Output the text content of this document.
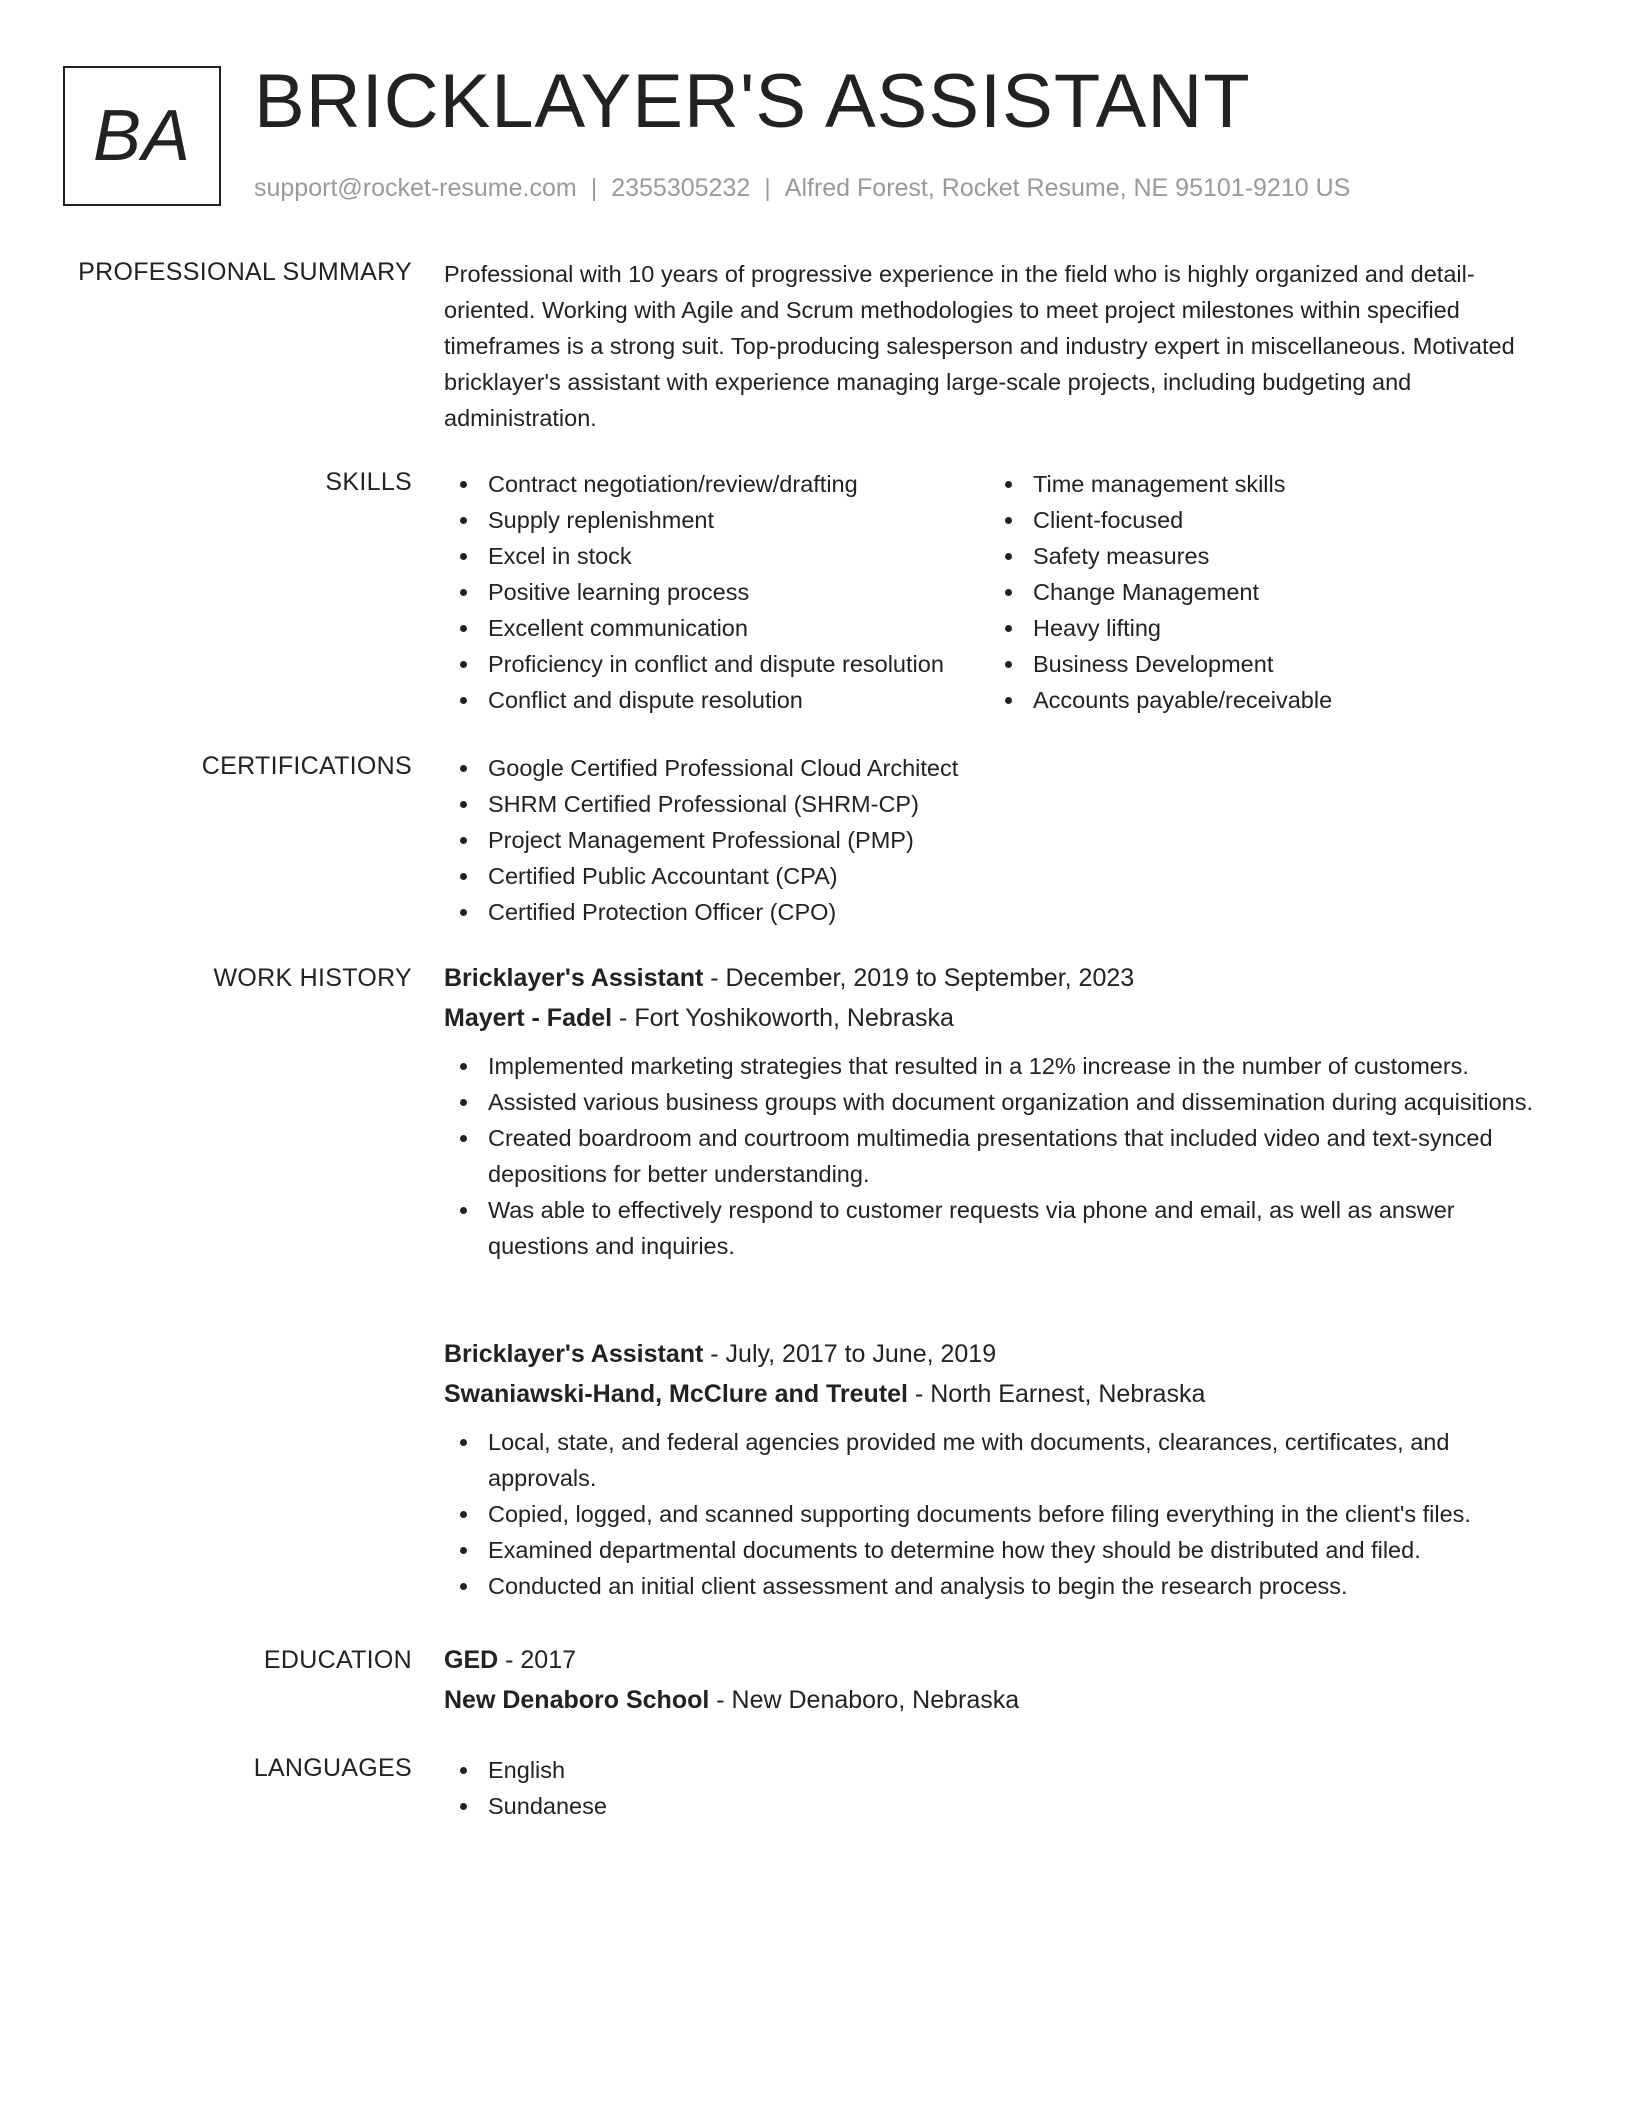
BA BRICKLAYER'S ASSISTANT
support@rocket-resume.com | 2355305232 | Alfred Forest, Rocket Resume, NE 95101-9210 US
PROFESSIONAL SUMMARY Professional with 10 years of progressive experience in the field who is highly organized and detail-oriented. Working with Agile and Scrum methodologies to meet project milestones within specified timeframes is a strong suit. Top-producing salesperson and industry expert in miscellaneous. Motivated bricklayer's assistant with experience managing large-scale projects, including budgeting and administration.

SKILLS	Contract negotiation/review/drafting
Supply replenishment
Excel in stock
Positive learning process
Excellent communication
Proficiency in conflict and dispute resolution
Conflict and dispute resolution
Time management skills
Client-focused
Safety measures
Change Management
Heavy lifting
Business Development
Accounts payable/receivable
CERTIFICATIONS	Google Certified Professional Cloud Architect
SHRM Certified Professional (SHRM-CP)
Project Management Professional (PMP)
Certified Public Accountant (CPA)
Certified Protection Officer (CPO)
WORK HISTORY Bricklayer's Assistant - December, 2019 to September, 2023
Mayert - Fadel - Fort Yoshikoworth, Nebraska
Implemented marketing strategies that resulted in a 12% increase in the number of customers.
Assisted various business groups with document organization and dissemination during acquisitions.
Created boardroom and courtroom multimedia presentations that included video and text-synced depositions for better understanding.
Was able to effectively respond to customer requests via phone and email, as well as answer questions and inquiries.
Bricklayer's Assistant - July, 2017 to June, 2019
Swaniawski-Hand, McClure and Treutel - North Earnest, Nebraska
Local, state, and federal agencies provided me with documents, clearances, certificates, and approvals.
Copied, logged, and scanned supporting documents before filing everything in the client's files.
Examined departmental documents to determine how they should be distributed and filed.
Conducted an initial client assessment and analysis to begin the research process.
EDUCATION GED - 2017
New Denaboro School - New Denaboro, Nebraska
LANGUAGES	English
Sundanese
